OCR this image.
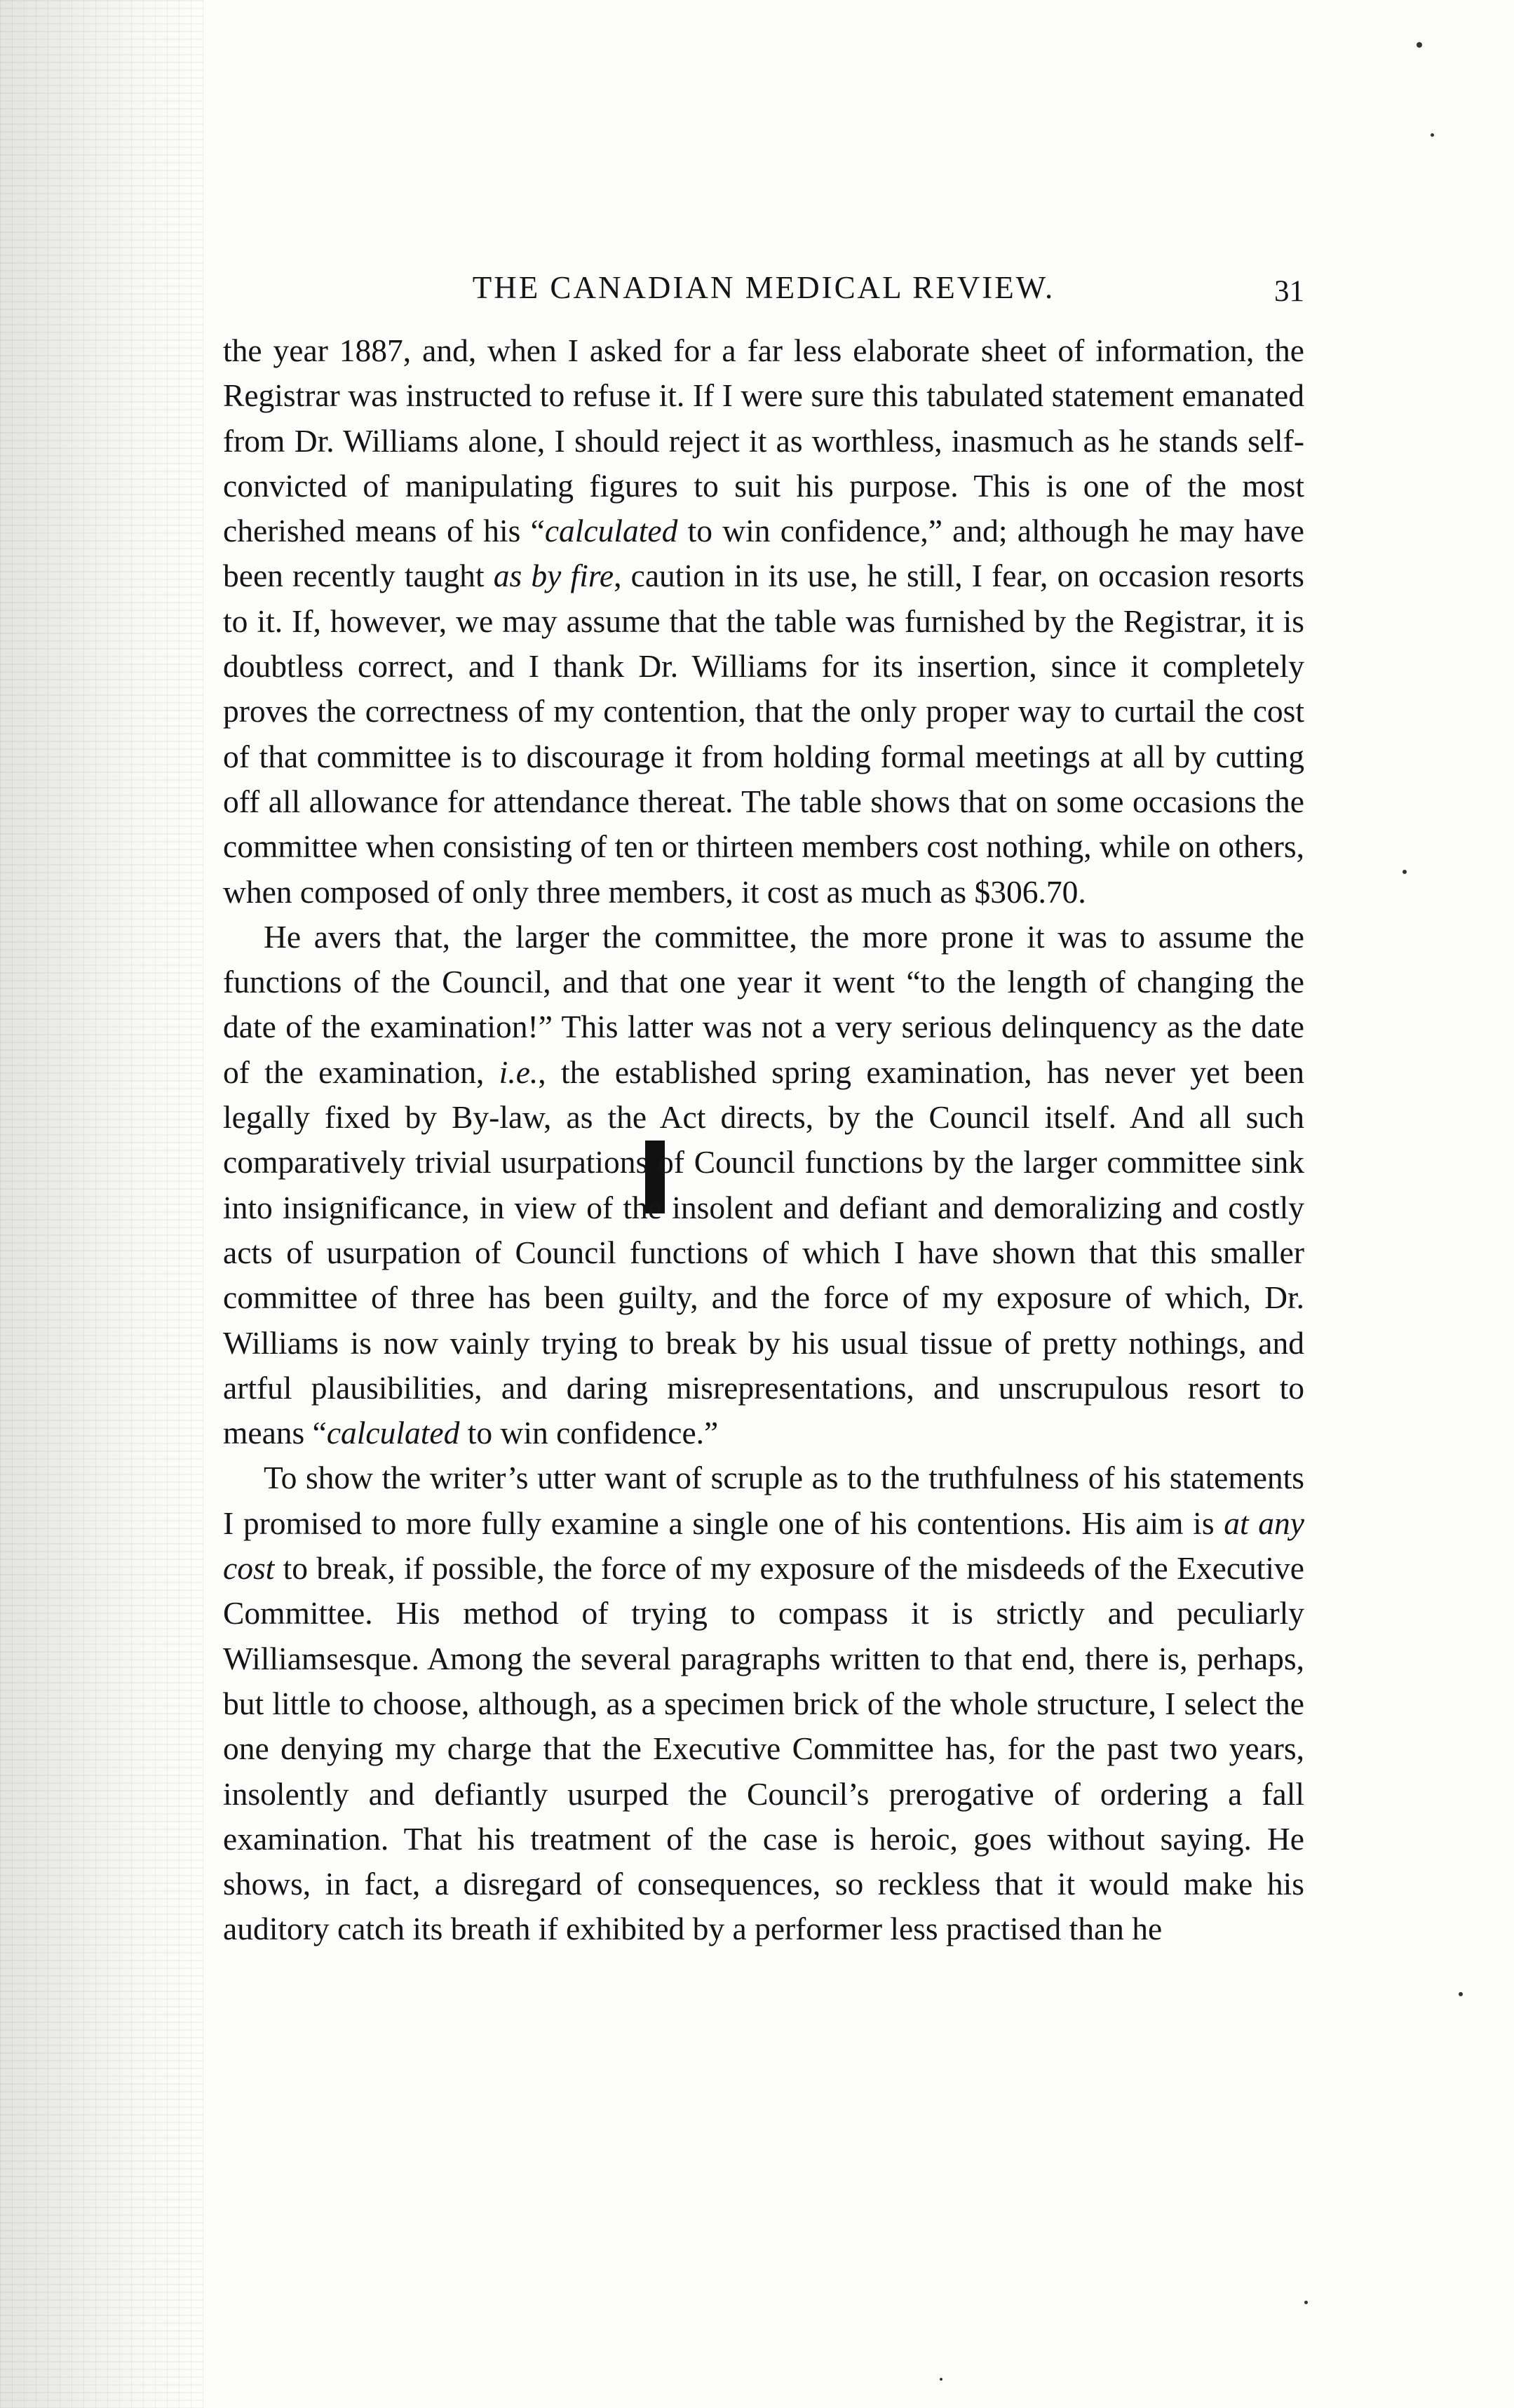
THE CANADIAN MEDICAL REVIEW.	31

the year 1887, and, when I asked for a far less elaborate sheet of information, the Registrar was instructed to refuse it. If I were sure this tabulated statement emanated from Dr. Williams alone, I should reject it as worthless, inasmuch as he stands self-convicted of manipulating figures to suit his purpose. This is one of the most cherished means of his “calculated to win confidence,” and; although he may have been recently taught as by fire, caution in its use, he still, I fear, on occasion resorts to it. If, however, we may assume that the table was furnished by the Registrar, it is doubtless correct, and I thank Dr. Williams for its insertion, since it completely proves the correctness of my contention, that the only proper way to curtail the cost of that committee is to discourage it from holding formal meetings at all by cutting off all allowance for attendance thereat. The table shows that on some occasions the committee when consisting of ten or thirteen members cost nothing, while on others, when composed of only three members, it cost as much as $306.70.

He avers that, the larger the committee, the more prone it was to assume the functions of the Council, and that one year it went “to the length of changing the date of the examination!” This latter was not a very serious delinquency as the date of the examination, i.e., the established spring examination, has never yet been legally fixed by By-law, as the Act directs, by the Council itself. And all such comparatively trivial usurpations of Council functions by the larger committee sink into insignificance, in view of the insolent and defiant and demoralizing and costly acts of usurpation of Council functions of which I have shown that this smaller committee of three has been guilty, and the force of my exposure of which, Dr. Williams is now vainly trying to break by his usual tissue of pretty nothings, and artful plausibilities, and daring misrepresentations, and unscrupulous resort to means “calculated to win confidence.”

To show the writer’s utter want of scruple as to the truthfulness of his statements I promised to more fully examine a single one of his contentions. His aim is at any cost to break, if possible, the force of my exposure of the misdeeds of the Executive Committee. His method of trying to compass it is strictly and peculiarly Williamsesque. Among the several paragraphs written to that end, there is, perhaps, but little to choose, although, as a specimen brick of the whole structure, I select the one denying my charge that the Executive Committee has, for the past two years, insolently and defiantly usurped the Council’s prerogative of ordering a fall examination. That his treatment of the case is heroic, goes without saying. He shows, in fact, a disregard of consequences, so reckless that it would make his auditory catch its breath if exhibited by a performer less practised than he
